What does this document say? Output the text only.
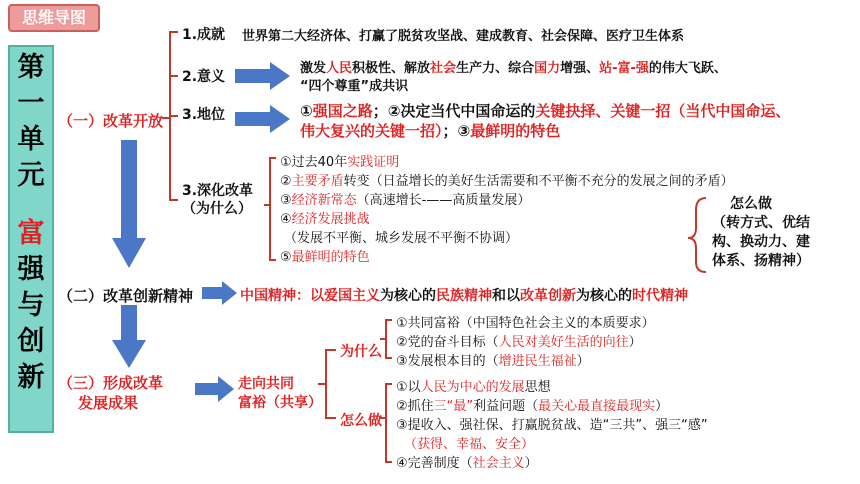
思维导图
第
一
单
元
富
强
与
创
新
（一）改革开放
1.成就 世界第二大经济体、打赢了脱贫攻坚战、建成教育、社会保障、医疗卫生体系
2.意义
激发人民积极性、解放社会生产力、综合国力增强、站-富-强的伟大飞跃、
“四个尊重”成共识
3.地位	①强国之路；②决定当代中国命运的关键抉择、关键一招（当代中国命运、
伟大复兴的关键一招）；③最鲜明的特色
3.深化改革
（为什么）
①过去40年实践证明
②主要矛盾转变（日益增长的美好生活需要和不平衡不充分的发展之间的矛盾）
③经济新常态（高速增长-——高质量发展）
④经济发展挑战
（发展不平衡、城乡发展不平衡不协调）
⑤最鲜明的特色
怎么做
（转方式、优结
构、换动力、建
体系、扬精神）
（二）改革创新精神	中国精神：以爱国主义为核心的民族精神和以改革创新为核心的时代精神
（三）形成改革
发展成果
走向共同
富裕（共享）
为什么
①共同富裕（中国特色社会主义的本质要求）
②党的奋斗目标（人民对美好生活的向往）
③发展根本目的（增进民生福祉）
怎么做
①以人民为中心的发展思想
②抓住三“最”利益问题（最关心最直接最现实）
③提收入、强社保、打赢脱贫战、造“三共”、强三“感”
（获得、幸福、安全）
④完善制度（社会主义）
